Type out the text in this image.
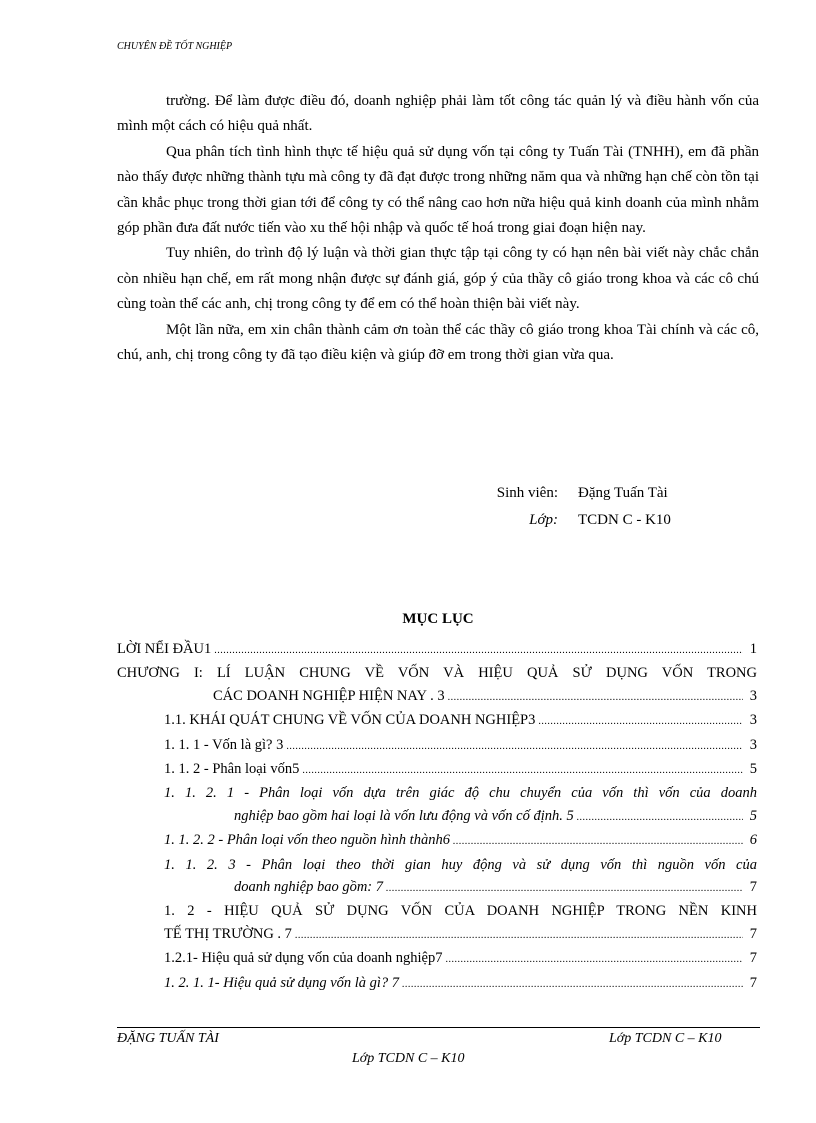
CHUYÊN ĐỀ TỐT NGHIỆP

trường. Để làm được điều đó, doanh nghiệp phải làm tốt công tác quản lý và điều hành vốn của mình một cách có hiệu quả nhất.

Qua phân tích tình hình thực tế hiệu quả sử dụng vốn tại công ty Tuấn Tài (TNHH), em đã phần nào thấy được những thành tựu mà công ty đã đạt được trong những năm qua và những hạn chế còn tồn tại cần khắc phục trong thời gian tới để công ty có thể nâng cao hơn nữa hiệu quả kinh doanh của mình nhằm góp phần đưa đất nước tiến vào xu thế hội nhập và quốc tế hoá trong giai đoạn hiện nay.

Tuy nhiên, do trình độ lý luận và thời gian thực tập tại công ty có hạn nên bài viết này chắc chắn còn nhiều hạn chế, em rất mong nhận được sự đánh giá, góp ý của thầy cô giáo trong khoa và các cô chú cùng toàn thể các anh, chị trong công ty để em có thể hoàn thiện bài viết này.

Một lần nữa, em xin chân thành cảm ơn toàn thể các thầy cô giáo trong khoa Tài chính và các cô, chú, anh, chị trong công ty đã tạo điều kiện và giúp đỡ em trong thời gian vừa qua.

Sinh viên: Đặng Tuấn Tài
Lớp: TCDN C - K10
MỤC LỤC
LỜI NỂI ĐẦU1 .....	1
CHƯƠNG I: LÍ LUẬN CHUNG VỀ VỐN VÀ HIỆU QUẢ SỬ DỤNG VỐN TRONG
CÁC DOANH NGHIỆP HIỆN NAY . 3 .....	3
1.1. KHÁI QUÁT CHUNG VỀ VỐN CỦA DOANH NGHIỆP3 .....	3
1. 1. 1 - Vốn là gì? 3 .....	3
1. 1. 2 - Phân loại vốn5 .....	5
1. 1. 2. 1 - Phân loại vốn dựa trên giác độ chu chuyển của vốn thì vốn của doanh
nghiệp bao gồm hai loại là vốn lưu động và vốn cố định. 5 .....	5
1. 1. 2. 2 - Phân loại vốn theo nguồn hình thành6 .....	6
1. 1. 2. 3 - Phân loại theo thời gian huy động và sử dụng vốn thì nguồn vốn của
doanh nghiệp bao gồm: 7 .....	7
1. 2 - HIỆU QUẢ SỬ DỤNG VỐN CỦA DOANH NGHIỆP TRONG NỀN KINH
TẾ THỊ TRƯỜNG . 7 .....	7
1.2.1- Hiệu quả sử dụng vốn của doanh nghiệp7 .....	7
1. 2. 1. 1- Hiệu quả sử dụng vốn là gì? 7 .....	7
ĐẶNG TUẤN TÀI	Lớp TCDN C – K10
Lớp TCDN C – K10
